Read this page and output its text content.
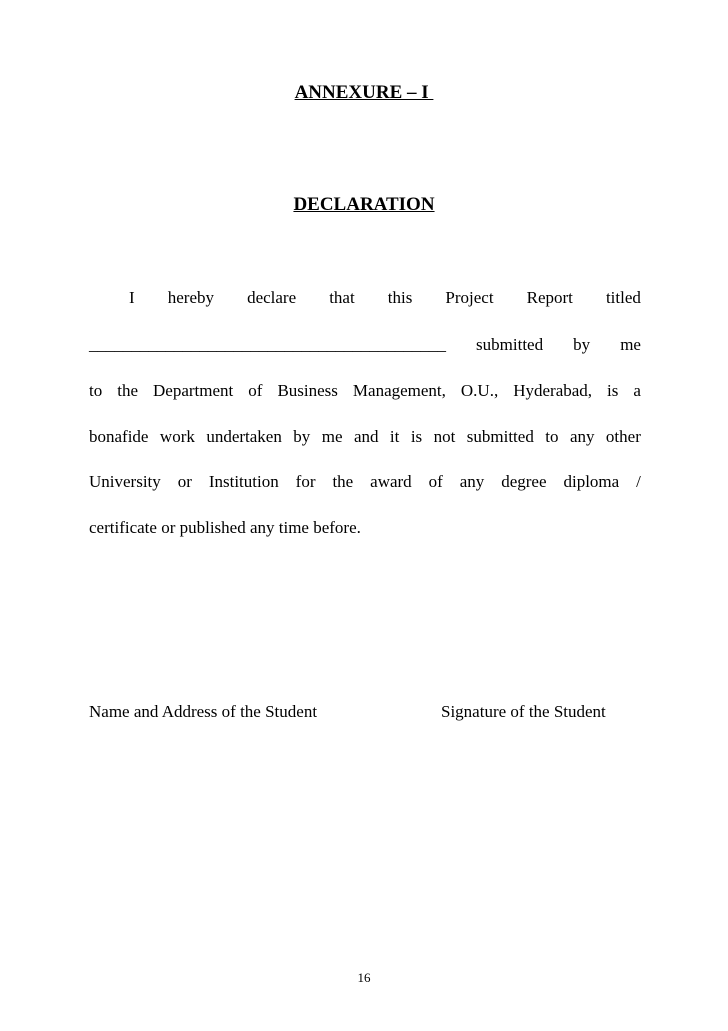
ANNEXURE – I
DECLARATION
I hereby declare that this Project Report titled
__________________________________________ submitted by me
to the Department of Business Management, O.U., Hyderabad, is a
bonafide work undertaken by me and it is not submitted to any other
University or Institution for the award of any degree diploma /
certificate or published any time before.
Name and Address of the Student	Signature of the Student
16
